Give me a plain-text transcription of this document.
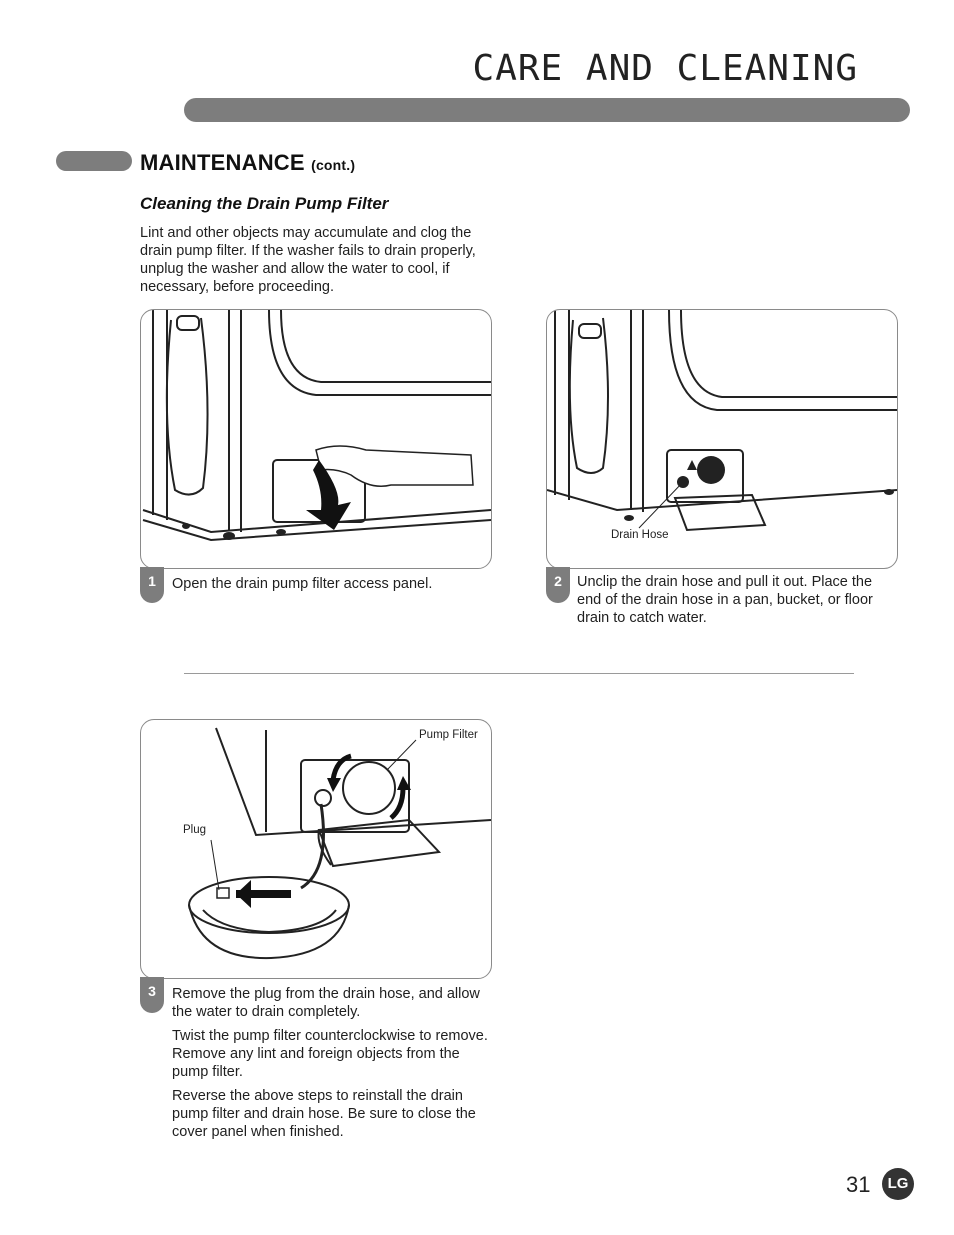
CARE AND CLEANING
MAINTENANCE (cont.)
Cleaning the Drain Pump Filter
Lint and other objects may accumulate and clog the drain pump filter. If the washer fails to drain properly, unplug the washer and allow the water to cool, if necessary, before proceeding.
1	Open the drain pump filter access panel.

Drain Hose
2	Unclip the drain hose and pull it out. Place the end of the drain hose in a pan, bucket, or floor drain to catch water.

Pump Filter
Plug
3	Remove the plug from the drain hose, and allow the water to drain completely.

Twist the pump filter counterclockwise to remove. Remove any lint and foreign objects from the pump filter.

Reverse the above steps to reinstall the drain pump filter and drain hose. Be sure to close the cover panel when finished.

31	LG
